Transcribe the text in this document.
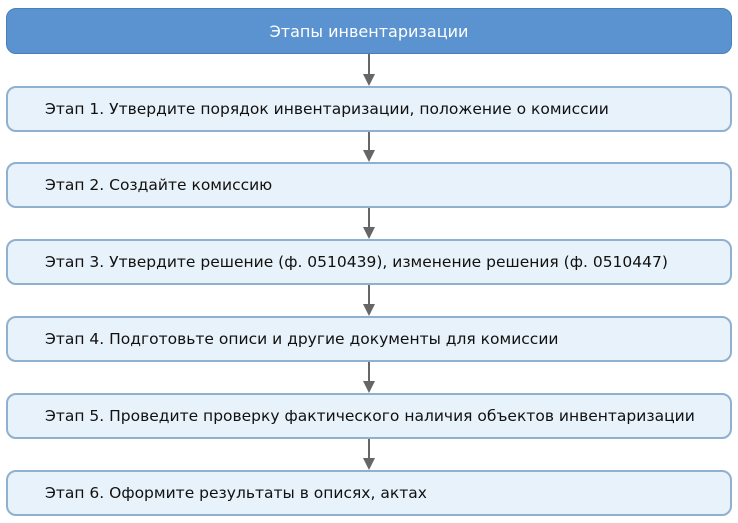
Этапы инвентаризации
Этап 1. Утвердите порядок инвентаризации, положение о комиссии
Этап 2. Создайте комиссию
Этап 3. Утвердите решение (ф. 0510439), изменение решения (ф. 0510447)
Этап 4. Подготовьте описи и другие документы для комиссии
Этап 5. Проведите проверку фактического наличия объектов инвентаризации
Этап 6. Оформите результаты в описях, актах
